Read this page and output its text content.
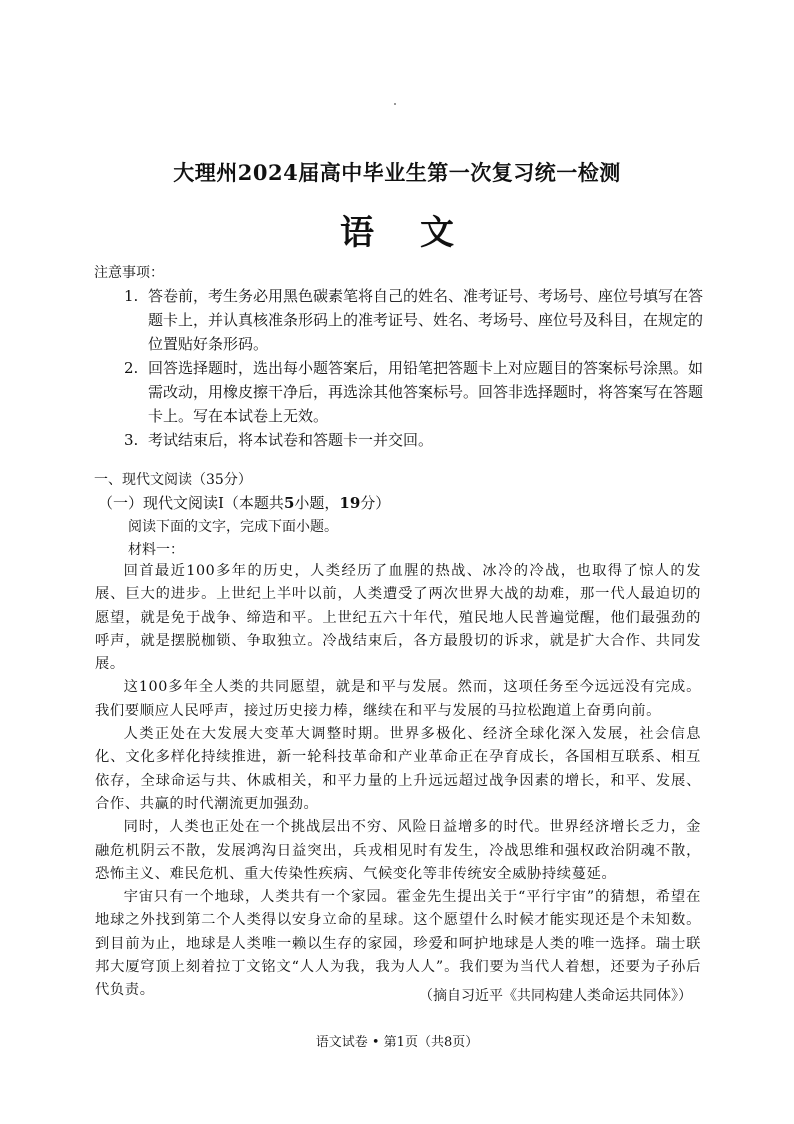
大理州2024届高中毕业生第一次复习统一检测
语文
注意事项：
1. 答卷前，考生务必用黑色碳素笔将自己的姓名、准考证号、考场号、座位号填写在答题卡上，并认真核准条形码上的准考证号、姓名、考场号、座位号及科目，在规定的位置贴好条形码。
2. 回答选择题时，选出每小题答案后，用铅笔把答题卡上对应题目的答案标号涂黑。如需改动，用橡皮擦干净后，再选涂其他答案标号。回答非选择题时，将答案写在答题卡上。写在本试卷上无效。
3. 考试结束后，将本试卷和答题卡一并交回。
一、现代文阅读（35分）
（一）现代文阅读Ⅰ（本题共5小题，19分）
阅读下面的文字，完成下面小题。
材料一：

回首最近100多年的历史，人类经历了血腥的热战、冰冷的冷战，也取得了惊人的发展、巨大的进步。上世纪上半叶以前，人类遭受了两次世界大战的劫难，那一代人最迫切的愿望，就是免于战争、缔造和平。上世纪五六十年代，殖民地人民普遍觉醒，他们最强劲的呼声，就是摆脱枷锁、争取独立。冷战结束后，各方最殷切的诉求，就是扩大合作、共同发展。

这100多年全人类的共同愿望，就是和平与发展。然而，这项任务至今远远没有完成。我们要顺应人民呼声，接过历史接力棒，继续在和平与发展的马拉松跑道上奋勇向前。

人类正处在大发展大变革大调整时期。世界多极化、经济全球化深入发展，社会信息化、文化多样化持续推进，新一轮科技革命和产业革命正在孕育成长，各国相互联系、相互依存，全球命运与共、休戚相关，和平力量的上升远远超过战争因素的增长，和平、发展、合作、共赢的时代潮流更加强劲。

同时，人类也正处在一个挑战层出不穷、风险日益增多的时代。世界经济增长乏力，金融危机阴云不散，发展鸿沟日益突出，兵戎相见时有发生，冷战思维和强权政治阴魂不散，恐怖主义、难民危机、重大传染性疾病、气候变化等非传统安全威胁持续蔓延。

宇宙只有一个地球，人类共有一个家园。霍金先生提出关于“平行宇宙”的猜想，希望在地球之外找到第二个人类得以安身立命的星球。这个愿望什么时候才能实现还是个未知数。到目前为止，地球是人类唯一赖以生存的家园，珍爱和呵护地球是人类的唯一选择。瑞士联邦大厦穹顶上刻着拉丁文铭文“人人为我，我为人人”。我们要为当代人着想，还要为子孙后代负责。	（摘自习近平《共同构建人类命运共同体》）
语文试卷 • 第1页（共8页）
